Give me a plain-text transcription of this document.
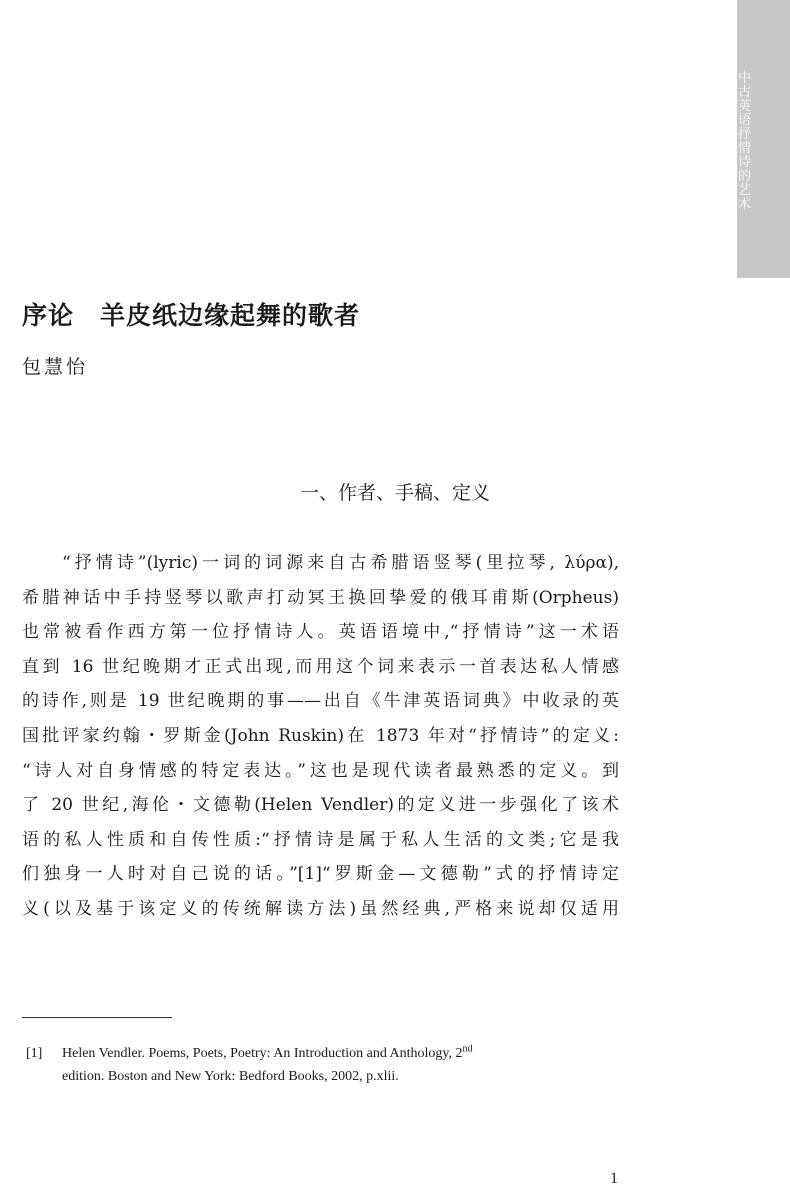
中古英语抒情诗的艺术
序论　羊皮纸边缘起舞的歌者
包慧怡
一、作者、手稿、定义
“抒情诗”(lyric)一词的词源来自古希腊语竖琴(里拉琴, λύρα),
希腊神话中手持竖琴以歌声打动冥王换回挚爱的俄耳甫斯(Orpheus)
也常被看作西方第一位抒情诗人。英语语境中,“抒情诗”这一术语
直到 16 世纪晚期才正式出现,而用这个词来表示一首表达私人情感
的诗作,则是 19 世纪晚期的事——出自《牛津英语词典》中收录的英
国批评家约翰・罗斯金(John Ruskin)在 1873 年对“抒情诗”的定义:
“诗人对自身情感的特定表达。”这也是现代读者最熟悉的定义。到
了 20 世纪,海伦・文德勒(Helen Vendler)的定义进一步强化了该术
语的私人性质和自传性质:“抒情诗是属于私人生活的文类;它是我
们独身一人时对自己说的话。”[1]“罗斯金—文德勒”式的抒情诗定
义(以及基于该定义的传统解读方法)虽然经典,严格来说却仅适用
[1] Helen Vendler. Poems, Poets, Poetry: An Introduction and Anthology, 2nd
edition. Boston and New York: Bedford Books, 2002, p.xlii.
1
